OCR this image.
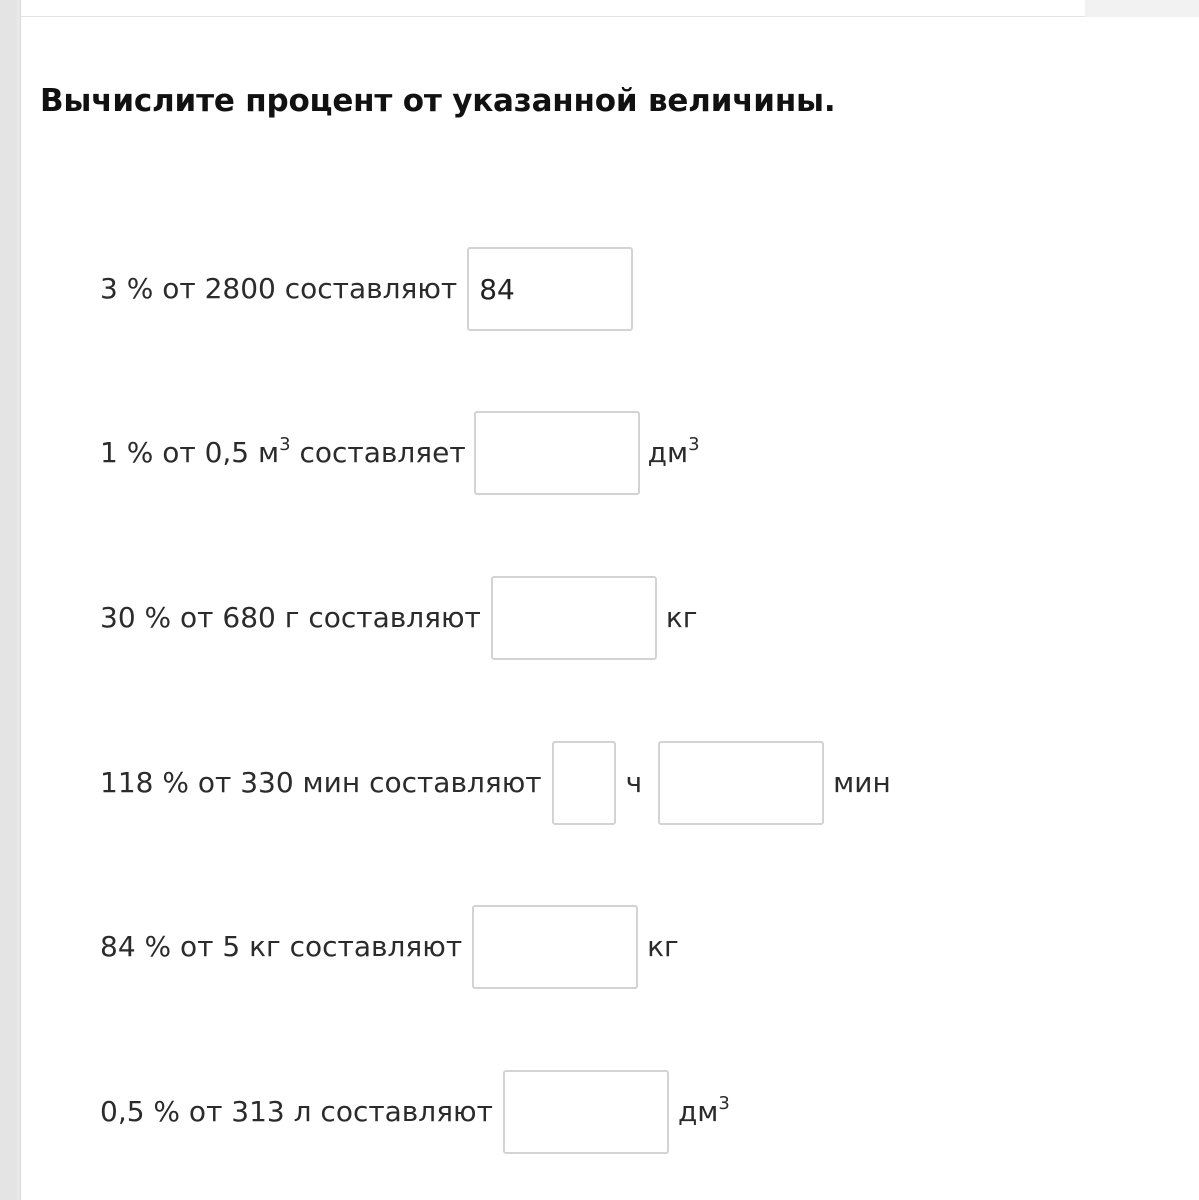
Вычислите процент от указанной величины.
3 % от 2800 составляют
84
1 % от 0,5 $м^3$ составляет	$дм^3$
30 % от 680 г составляют	кг
118 % от 330 мин составляют	ч	мин
84 % от 5 кг составляют	кг
0,5 % от 313 л составляют	$дм^3$
